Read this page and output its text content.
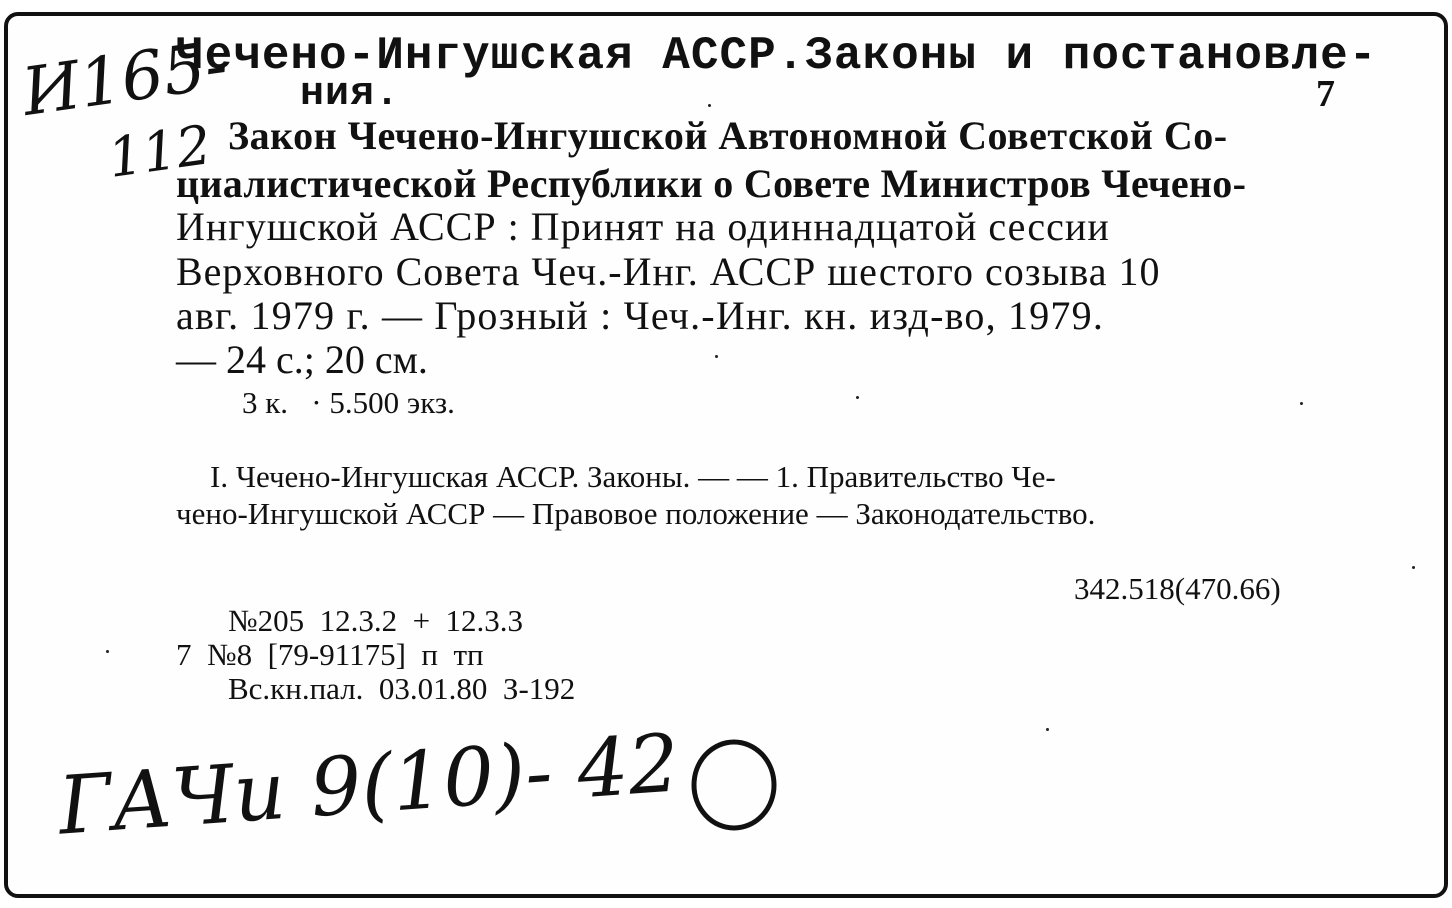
И165-
112
Чечено-Ингушская АССР.Законы и постановле-
ния.	7
Закон Чечено-Ингушской Автономной Советской Со-
циалистической Республики о Совете Министров Чечено-
Ингушской АССР : Принят на одиннадцатой сессии
Верховного Совета Чеч.-Инг. АССР шестого созыва 10
авг. 1979 г. — Грозный : Чеч.-Инг. кн. изд-во, 1979.
— 24 с.; 20 см.
3 к.   · 5.500 экз.
I. Чечено-Ингушская АССР. Законы. — — 1. Правительство Че-
чено-Ингушской АССР — Правовое положение — Законодательство.
342.518(470.66)
№205  12.3.2  +  12.3.3
7  №8  [79-91175]  п  тп
Вс.кн.пал.  03.01.80  З-192
ГАЧи 9(10)- 42
